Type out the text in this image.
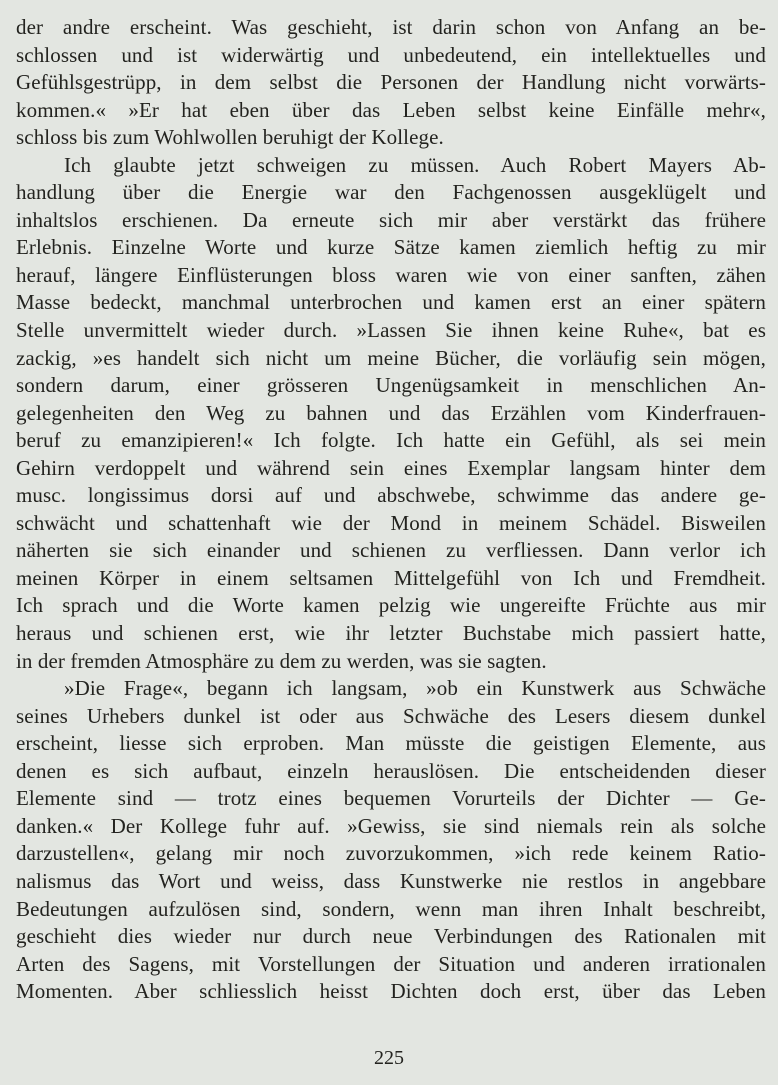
der andre erscheint. Was geschieht, ist darin schon von Anfang an be-
schlossen und ist widerwärtig und unbedeutend, ein intellektuelles und
Gefühlsgestrüpp, in dem selbst die Personen der Handlung nicht vorwärts-
kommen.« »Er hat eben über das Leben selbst keine Einfälle mehr«,
schloss bis zum Wohlwollen beruhigt der Kollege.
Ich glaubte jetzt schweigen zu müssen. Auch Robert Mayers Ab-
handlung über die Energie war den Fachgenossen ausgeklügelt und
inhaltslos erschienen. Da erneute sich mir aber verstärkt das frühere
Erlebnis. Einzelne Worte und kurze Sätze kamen ziemlich heftig zu mir
herauf, längere Einflüsterungen bloss waren wie von einer sanften, zähen
Masse bedeckt, manchmal unterbrochen und kamen erst an einer spätern
Stelle unvermittelt wieder durch. »Lassen Sie ihnen keine Ruhe«, bat es
zackig, »es handelt sich nicht um meine Bücher, die vorläufig sein mögen,
sondern darum, einer grösseren Ungenügsamkeit in menschlichen An-
gelegenheiten den Weg zu bahnen und das Erzählen vom Kinderfrauen-
beruf zu emanzipieren!« Ich folgte. Ich hatte ein Gefühl, als sei mein
Gehirn verdoppelt und während sein eines Exemplar langsam hinter dem
musc. longissimus dorsi auf und abschwebe, schwimme das andere ge-
schwächt und schattenhaft wie der Mond in meinem Schädel. Bisweilen
näherten sie sich einander und schienen zu verfliessen. Dann verlor ich
meinen Körper in einem seltsamen Mittelgefühl von Ich und Fremdheit.
Ich sprach und die Worte kamen pelzig wie ungereifte Früchte aus mir
heraus und schienen erst, wie ihr letzter Buchstabe mich passiert hatte,
in der fremden Atmosphäre zu dem zu werden, was sie sagten.
»Die Frage«, begann ich langsam, »ob ein Kunstwerk aus Schwäche
seines Urhebers dunkel ist oder aus Schwäche des Lesers diesem dunkel
erscheint, liesse sich erproben. Man müsste die geistigen Elemente, aus
denen es sich aufbaut, einzeln herauslösen. Die entscheidenden dieser
Elemente sind — trotz eines bequemen Vorurteils der Dichter — Ge-
danken.« Der Kollege fuhr auf. »Gewiss, sie sind niemals rein als solche
darzustellen«, gelang mir noch zuvorzukommen, »ich rede keinem Ratio-
nalismus das Wort und weiss, dass Kunstwerke nie restlos in angebbare
Bedeutungen aufzulösen sind, sondern, wenn man ihren Inhalt beschreibt,
geschieht dies wieder nur durch neue Verbindungen des Rationalen mit
Arten des Sagens, mit Vorstellungen der Situation und anderen irrationalen
Momenten. Aber schliesslich heisst Dichten doch erst, über das Leben
225
